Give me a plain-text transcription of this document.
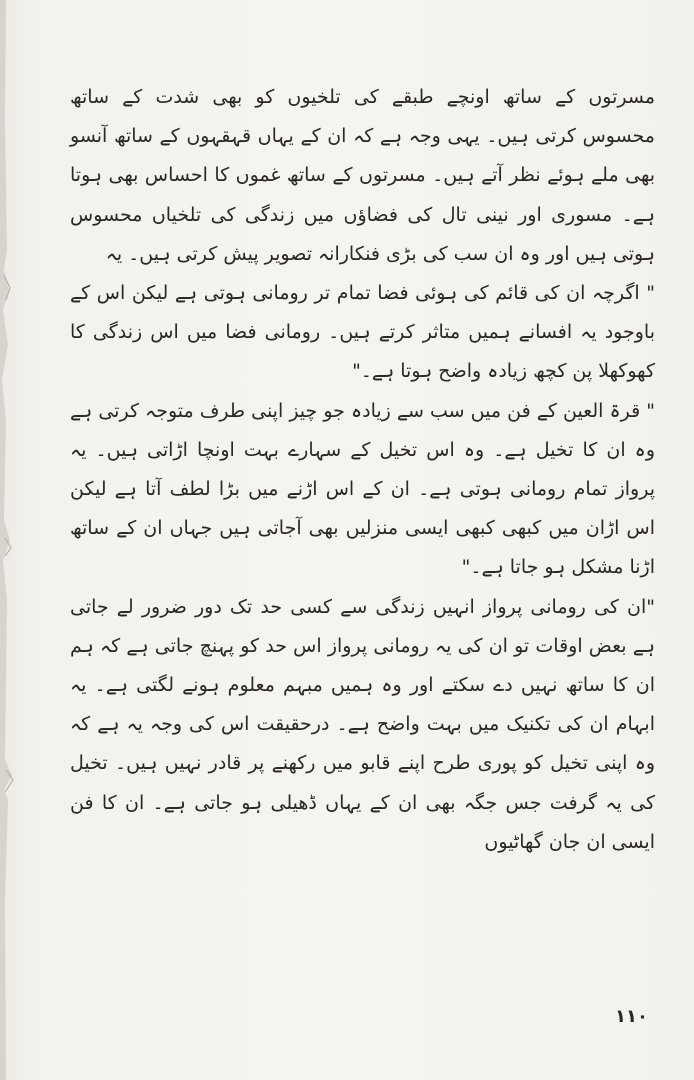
مسرتوں کے ساتھ اونچے طبقے کی تلخیوں کو بھی شدت کے ساتھ محسوس کرتی ہیں۔ یہی وجہ ہے کہ ان کے یہاں قہقہوں کے ساتھ آنسو بھی ملے ہوئے نظر آتے ہیں۔ مسرتوں کے ساتھ غموں کا احساس بھی ہوتا ہے۔ مسوری اور نینی تال کی فضاؤں میں زندگی کی تلخیاں محسوس ہوتی ہیں اور وہ ان سب کی بڑی فنکارانہ تصویر پیش کرتی ہیں۔ یہ

" اگرچہ ان کی قائم کی ہوئی فضا تمام تر رومانی ہوتی ہے لیکن اس کے باوجود یہ افسانے ہمیں متاثر کرتے ہیں۔ رومانی فضا میں اس زندگی کا کھوکھلا پن کچھ زیادہ واضح ہوتا ہے۔"

" قرۃ العین کے فن میں سب سے زیادہ جو چیز اپنی طرف متوجہ کرتی ہے وہ ان کا تخیل ہے۔ وہ اس تخیل کے سہارے بہت اونچا اڑاتی ہیں۔ یہ پرواز تمام رومانی ہوتی ہے۔ ان کے اس اڑنے میں بڑا لطف آتا ہے لیکن اس اڑان میں کبھی کبھی ایسی منزلیں بھی آجاتی ہیں جہاں ان کے ساتھ اڑنا مشکل ہو جاتا ہے۔"

"ان کی رومانی پرواز انہیں زندگی سے کسی حد تک دور ضرور لے جاتی ہے بعض اوقات تو ان کی یہ رومانی پرواز اس حد کو پہنچ جاتی ہے کہ ہم ان کا ساتھ نہیں دے سکتے اور وہ ہمیں مبہم معلوم ہونے لگتی ہے۔ یہ ابہام ان کی تکنیک میں بہت واضح ہے۔ درحقیقت اس کی وجہ یہ ہے کہ وہ اپنی تخیل کو پوری طرح اپنے قابو میں رکھنے پر قادر نہیں ہیں۔ تخیل کی یہ گرفت جس جگہ بھی ان کے یہاں ڈھیلی ہو جاتی ہے۔ ان کا فن ایسی ان جان گھاٹیوں

۱۱۰
